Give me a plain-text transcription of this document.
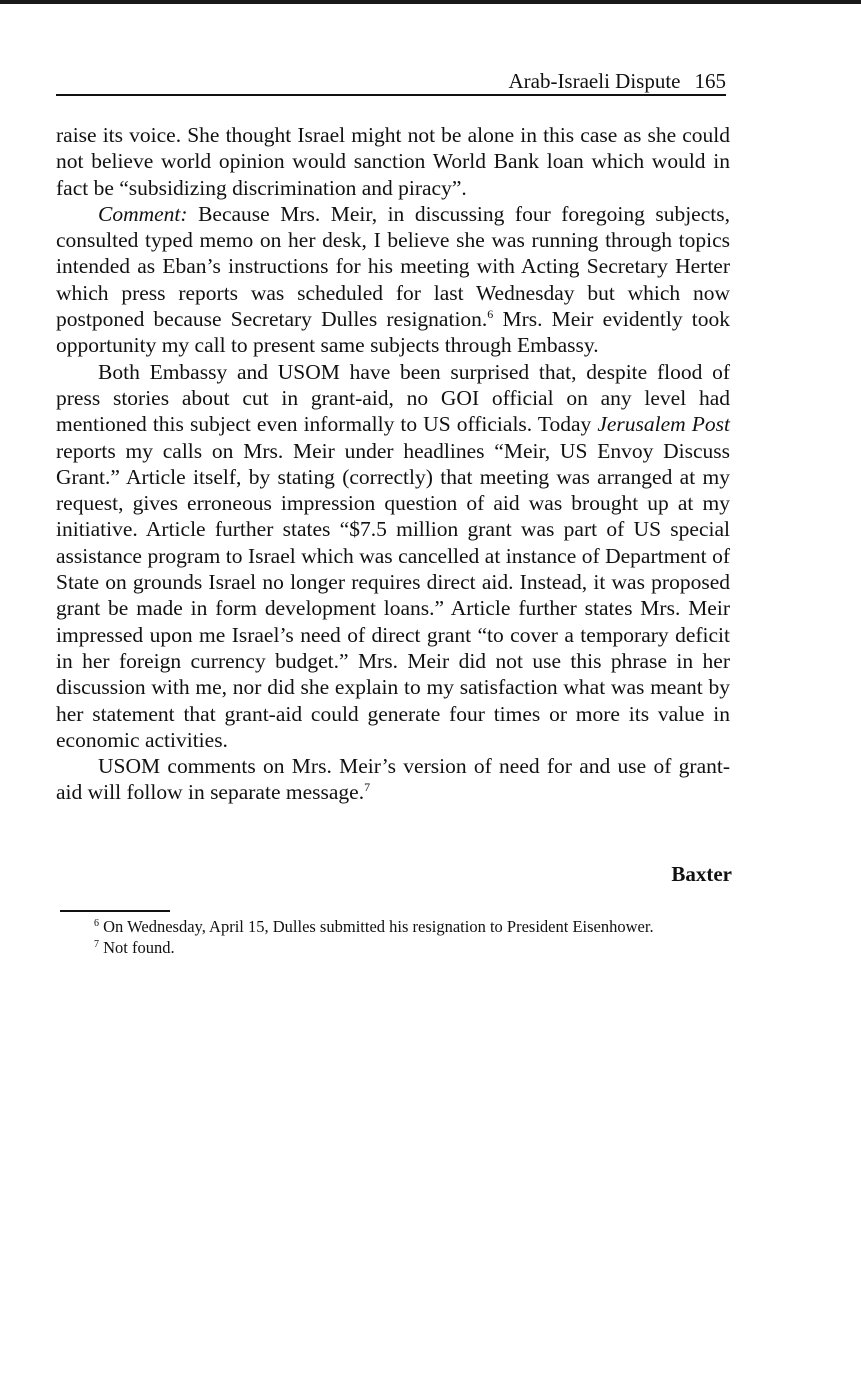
Arab-Israeli Dispute 165

raise its voice. She thought Israel might not be alone in this case as she could not believe world opinion would sanction World Bank loan which would in fact be “subsidizing discrimination and piracy”.

Comment: Because Mrs. Meir, in discussing four foregoing subjects, consulted typed memo on her desk, I believe she was running through topics intended as Eban’s instructions for his meeting with Acting Secretary Herter which press reports was scheduled for last Wednesday but which now postponed because Secretary Dulles resignation.$^6$ Mrs. Meir evidently took opportunity my call to present same subjects through Embassy.

Both Embassy and USOM have been surprised that, despite flood of press stories about cut in grant-aid, no GOI official on any level had mentioned this subject even informally to US officials. Today Jerusalem Post reports my calls on Mrs. Meir under headlines “Meir, US Envoy Discuss Grant.” Article itself, by stating (correctly) that meeting was arranged at my request, gives erroneous impression question of aid was brought up at my initiative. Article further states “$7.5 million grant was part of US special assistance program to Israel which was cancelled at instance of Department of State on grounds Israel no longer requires direct aid. Instead, it was proposed grant be made in form development loans.” Article further states Mrs. Meir impressed upon me Israel’s need of direct grant “to cover a temporary deficit in her foreign currency budget.” Mrs. Meir did not use this phrase in her discussion with me, nor did she explain to my satisfaction what was meant by her statement that grant-aid could generate four times or more its value in economic activities.

USOM comments on Mrs. Meir’s version of need for and use of grant-aid will follow in separate message.$^7$

Baxter

$^6$ On Wednesday, April 15, Dulles submitted his resignation to President Eisenhower.

$^7$ Not found.
